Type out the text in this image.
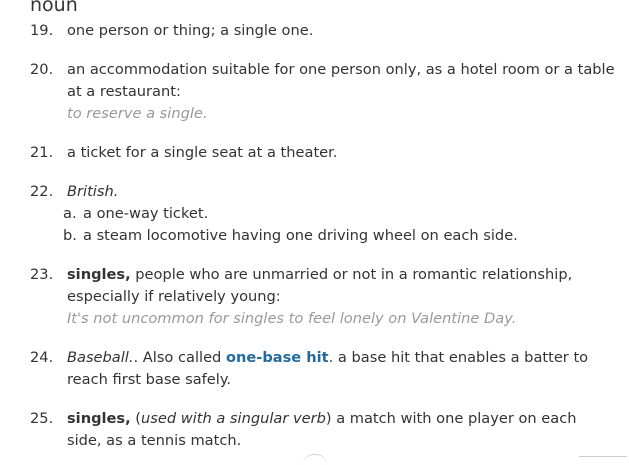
noun
19. one person or thing; a single one.
20. an accommodation suitable for one person only, as a hotel room or a table at a restaurant:
to reserve a single.
21. a ticket for a single seat at a theater.
22. British.
a. a one-way ticket.
b. a steam locomotive having one driving wheel on each side.
23. singles, people who are unmarried or not in a romantic relationship, especially if relatively young:
It's not uncommon for singles to feel lonely on Valentine Day.
24. Baseball.. Also called one-base hit. a base hit that enables a batter to reach first base safely.
25. singles, (used with a singular verb) a match with one player on each side, as a tennis match.
